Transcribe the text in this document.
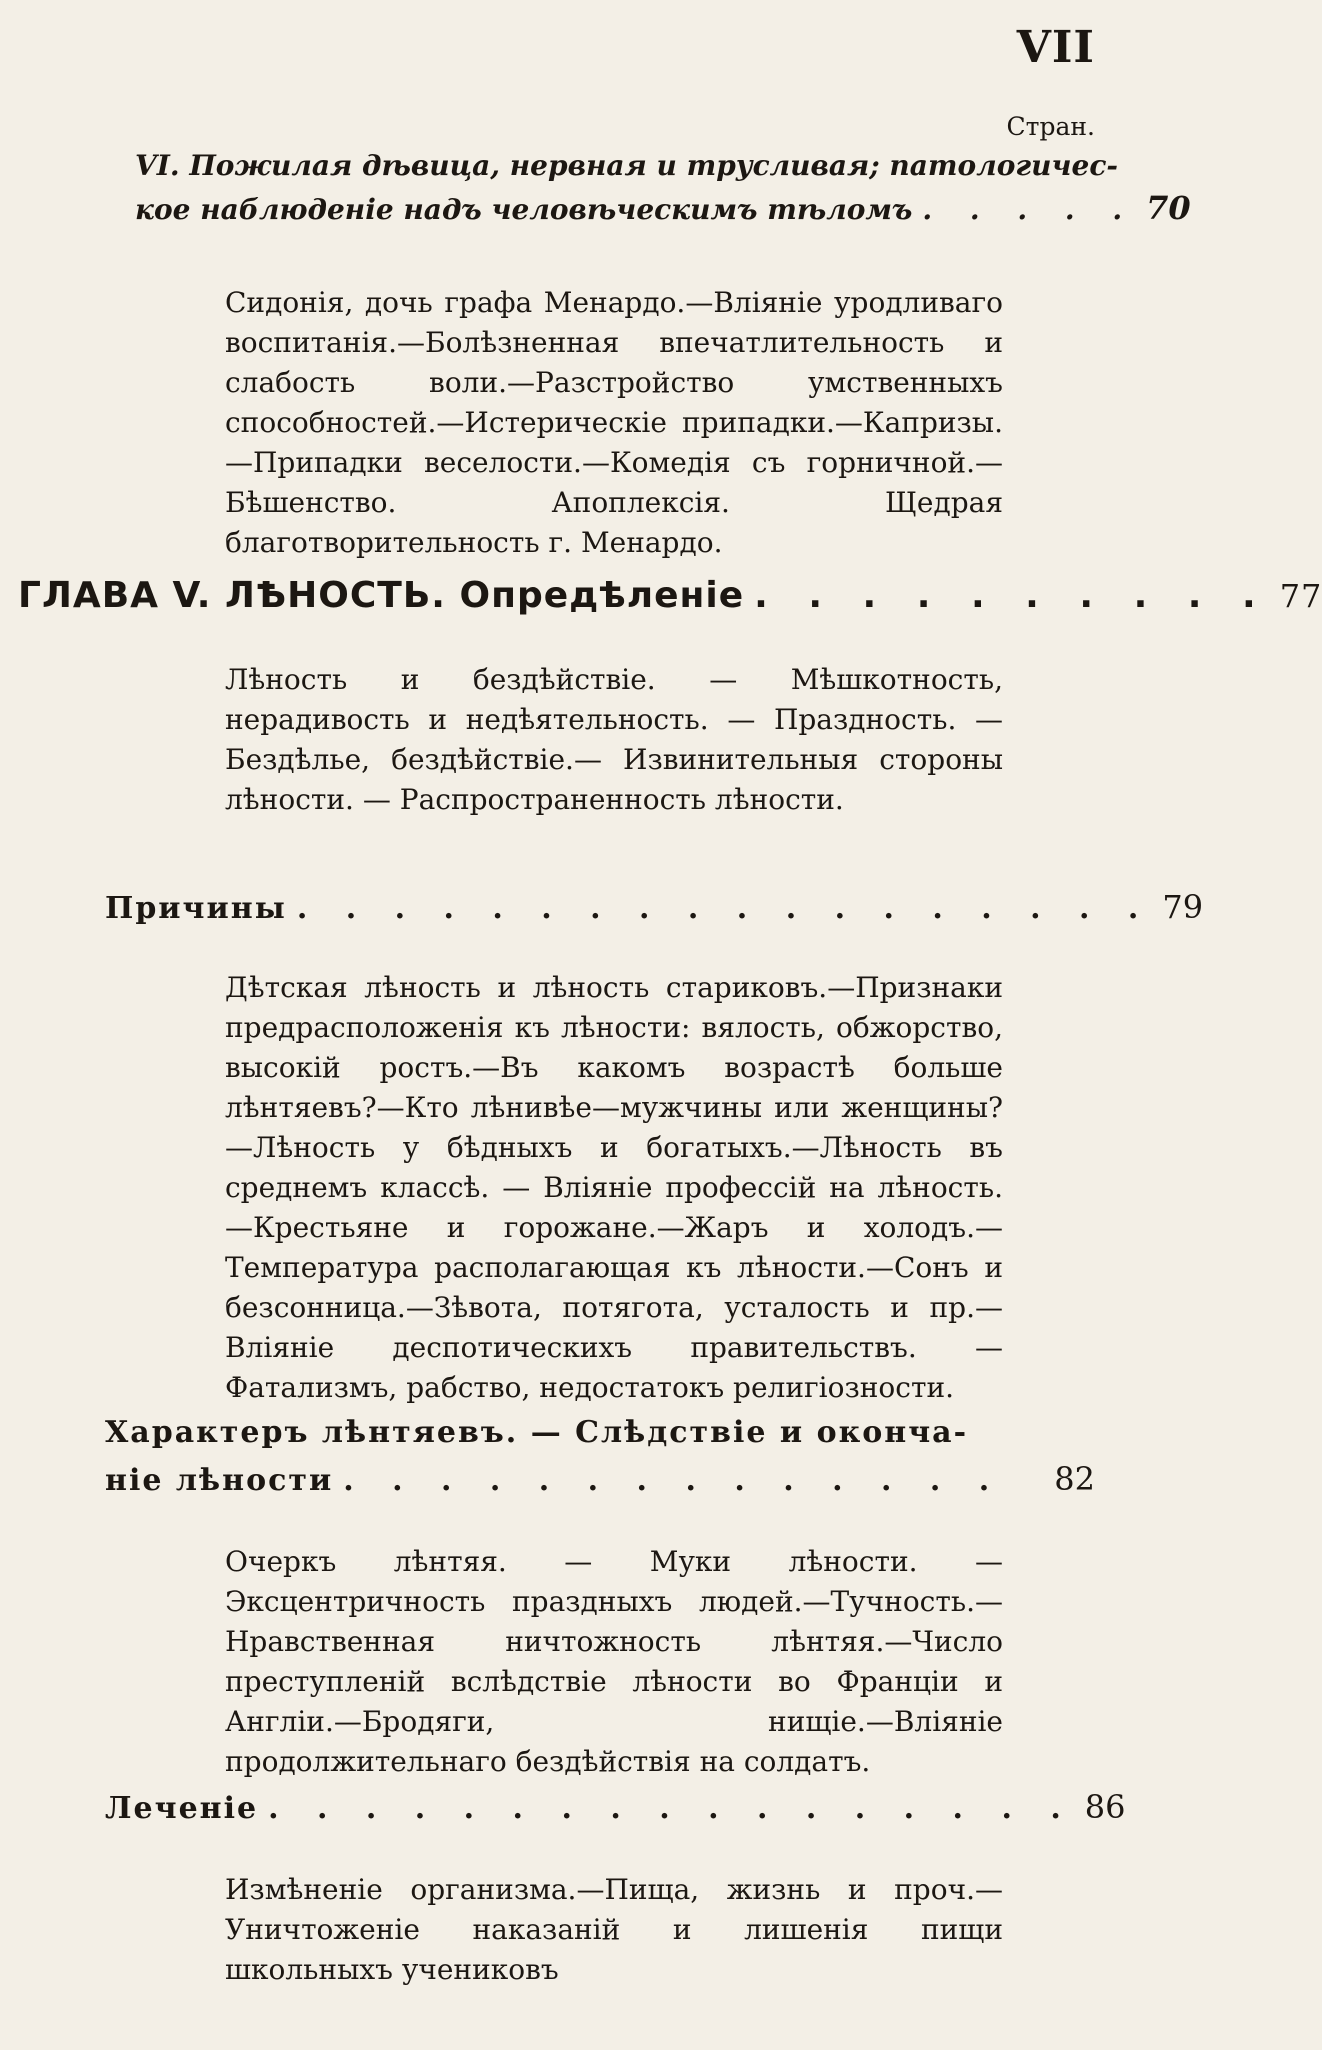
VII
Стран.
VI. Пожилая дѣвица, нервная и трусливая; патологичес-
кое наблюденіе надъ человѣческимъ тѣломъ . . . . . 70

Сидонія, дочь графа Менардо.—Вліяніе уродливаго воспитанія.—Болѣзненная впечатлительность и слабость воли.—Разстройство умственныхъ способностей.—Истерическіе припадки.—Капризы.—Припадки веселости.—Комедія съ горничной.—Бѣшенство. Апоплексія. Щедрая благотворительность г. Менардо.

ГЛАВА V. ЛѢНОСТЬ. Опредѣленіе . . . . . . . . . . 77

Лѣность и бездѣйствіе. — Мѣшкотность, нерадивость и недѣятельность. — Праздность. — Бездѣлье, бездѣйствіе.— Извинительныя стороны лѣности. — Распространенность лѣности.

Причины . . . . . . . . . . . . . . . . . . 79

Дѣтская лѣность и лѣность стариковъ.—Признаки предрасположенія къ лѣности: вялость, обжорство, высокій ростъ.—Въ какомъ возрастѣ больше лѣнтяевъ?—Кто лѣнивѣе—мужчины или женщины?—Лѣность у бѣдныхъ и богатыхъ.—Лѣность въ среднемъ классѣ. — Вліяніе профессій на лѣность.—Крестьяне и горожане.—Жаръ и холодъ.—Температура располагающая къ лѣности.—Сонъ и безсонница.—Зѣвота, потягота, усталость и пр.—Вліяніе деспотическихъ правительствъ. — Фатализмъ, рабство, недостатокъ религіозности.

Характеръ лѣнтяевъ. — Слѣдствіе и оконча-
ніе лѣности . . . . . . . . . . . . . .	82

Очеркъ лѣнтяя. — Муки лѣности. — Эксцентричность праздныхъ людей.—Тучность.—Нравственная ничтожность лѣнтяя.—Число преступленій вслѣдствіе лѣности во Франціи и Англіи.—Бродяги, нищіе.—Вліяніе продолжительнаго бездѣйствія на солдатъ.

Леченіе . . . . . . . . . . . . . . . . . 86

Измѣненіе организма.—Пища, жизнь и проч.—Уничтоженіе наказаній и лишенія пищи школьныхъ учениковъ
